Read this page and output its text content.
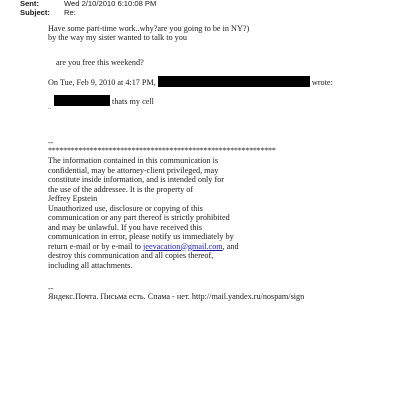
Sent:	Wed 2/10/2010 6:10:08 PM
Subject: Re:
Have some part-time work..why?are you going to be in NY?)
by the way my sister wanted to talk to you
are you free this weekend?
On Tue, Feb 9, 2010 at 4:17 PM,	wrote:
thats my cell
..
--
************************************************************
The information contained in this communication is
confidential, may be attorney-client privileged, may
constitute inside information, and is intended only for
the use of the addressee. It is the property of
Jeffrey Epstein
Unauthorized use, disclosure or copying of this
communication or any part thereof is strictly prohibited
and may be unlawful. If you have received this
communication in error, please notify us immediately by
return e-mail or by e-mail to jeevacation@gmail.com, and
destroy this communication and all copies thereof,
including all attachments.
--
Яндекс.Почта. Письма есть. Спама - нет. http://mail.yandex.ru/nospam/sign
